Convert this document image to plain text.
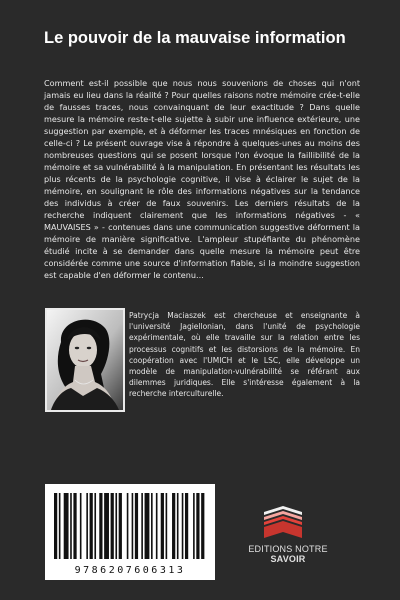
Le pouvoir de la mauvaise information
Comment est-il possible que nous nous souvenions de choses qui n'ont jamais eu lieu dans la réalité ? Pour quelles raisons notre mémoire crée-t-elle de fausses traces, nous convainquant de leur exactitude ? Dans quelle mesure la mémoire reste-t-elle sujette à subir une influence extérieure, une suggestion par exemple, et à déformer les traces mnésiques en fonction de celle-ci ? Le présent ouvrage vise à répondre à quelques-unes au moins des nombreuses questions qui se posent lorsque l'on évoque la faillibilité de la mémoire et sa vulnérabilité à la manipulation. En présentant les résultats les plus récents de la psychologie cognitive, il vise à éclairer le sujet de la mémoire, en soulignant le rôle des informations négatives sur la tendance des individus à créer de faux souvenirs. Les derniers résultats de la recherche indiquent clairement que les informations négatives - « MAUVAISES » - contenues dans une communication suggestive déforment la mémoire de manière significative. L'ampleur stupéfiante du phénomène étudié incite à se demander dans quelle mesure la mémoire peut être considérée comme une source d'information fiable, si la moindre suggestion est capable d'en déformer le contenu...
Patrycja Maciaszek est chercheuse et enseignante à l'université Jagiellonian, dans l'unité de psychologie expérimentale, où elle travaille sur la relation entre les processus cognitifs et les distorsions de la mémoire. En coopération avec l'UMICH et le LSC, elle développe un modèle de manipulation-vulnérabilité se référant aux dilemmes juridiques. Elle s'intéresse également à la recherche interculturelle.
9786207606313
EDITIONS NOTRE SAVOIR
